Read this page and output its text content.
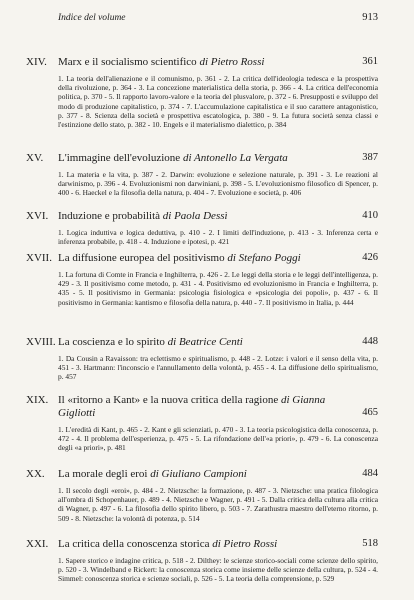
Indice del volume	913
XIV.	Marx e il socialismo scientifico di Pietro Rossi	361
1. La teoria dell'alienazione e il comunismo, p. 361 - 2. La critica dell'ideologia tedesca e la prospettiva della rivoluzione, p. 364 - 3. La concezione materialistica della storia, p. 366 - 4. La critica dell'economia politica, p. 370 - 5. Il rapporto lavoro-valore e la teoria del plusvalore, p. 372 - 6. Presupposti e sviluppo del modo di produzione capitalistico, p. 374 - 7. L'accumulazione capitalistica e il suo carattere antagonistico, p. 377 - 8. Scienza della società e prospettiva escatologica, p. 380 - 9. La futura società senza classi e l'estinzione dello stato, p. 382 - 10. Engels e il materialismo dialettico, p. 384
XV.	L'immagine dell'evoluzione di Antonello La Vergata	387
1. La materia e la vita, p. 387 - 2. Darwin: evoluzione e selezione naturale, p. 391 - 3. Le reazioni al darwinismo, p. 396 - 4. Evoluzionismi non darwiniani, p. 398 - 5. L'evoluzionismo filosofico di Spencer, p. 400 - 6. Haeckel e la filosofia della natura, p. 404 - 7. Evoluzione e società, p. 406
XVI. Induzione e probabilità di Paola Dessì	410
1. Logica induttiva e logica deduttiva, p. 410 - 2. I limiti dell'induzione, p. 413 - 3. Inferenza certa e inferenza probabile, p. 418 - 4. Induzione e ipotesi, p. 421
XVII. La diffusione europea del positivismo di Stefano Poggi	426
1. La fortuna di Comte in Francia e Inghilterra, p. 426 - 2. Le leggi della storia e le leggi dell'intelligenza, p. 429 - 3. Il positivismo come metodo, p. 431 - 4. Positivismo ed evoluzionismo in Francia e Inghilterra, p. 435 - 5. Il positivismo in Germania: psicologia fisiologica e «psicologia dei popoli», p. 437 - 6. Il positivismo in Germania: kantismo e filosofia della natura, p. 440 - 7. Il positivismo in Italia, p. 444
XVIII. La coscienza e lo spirito di Beatrice Centi	448
1. Da Cousin a Ravaisson: tra eclettismo e spiritualismo, p. 448 - 2. Lotze: i valori e il senso della vita, p. 451 - 3. Hartmann: l'inconscio e l'annullamento della volontà, p. 455 - 4. La diffusione dello spiritualismo, p. 457
XIX. Il «ritorno a Kant» e la nuova critica della ragione di Gianna
Gigliotti	465
1. L'eredità di Kant, p. 465 - 2. Kant e gli scienziati, p. 470 - 3. La teoria psicologistica della conoscenza, p. 472 - 4. Il problema dell'esperienza, p. 475 - 5. La rifondazione dell'«a priori», p. 479 - 6. La conoscenza degli «a priori», p. 481
XX.	La morale degli eroi di Giuliano Campioni	484
1. Il secolo degli «eroi», p. 484 - 2. Nietzsche: la formazione, p. 487 - 3. Nietzsche: una pratica filologica all'ombra di Schopenhauer, p. 489 - 4. Nietzsche e Wagner, p. 491 - 5. Dalla critica della cultura alla critica di Wagner, p. 497 - 6. La filosofia dello spirito libero, p. 503 - 7. Zarathustra maestro dell'eterno ritorno, p. 509 - 8. Nietzsche: la volontà di potenza, p. 514
XXI. La critica della conoscenza storica di Pietro Rossi	518
1. Sapere storico e indagine critica, p. 518 - 2. Dilthey: le scienze storico-sociali come scienze dello spirito, p. 520 - 3. Windelband e Rickert: la conoscenza storica come insieme delle scienze della cultura, p. 524 - 4. Simmel: conoscenza storica e scienze sociali, p. 526 - 5. La teoria della comprensione, p. 529
